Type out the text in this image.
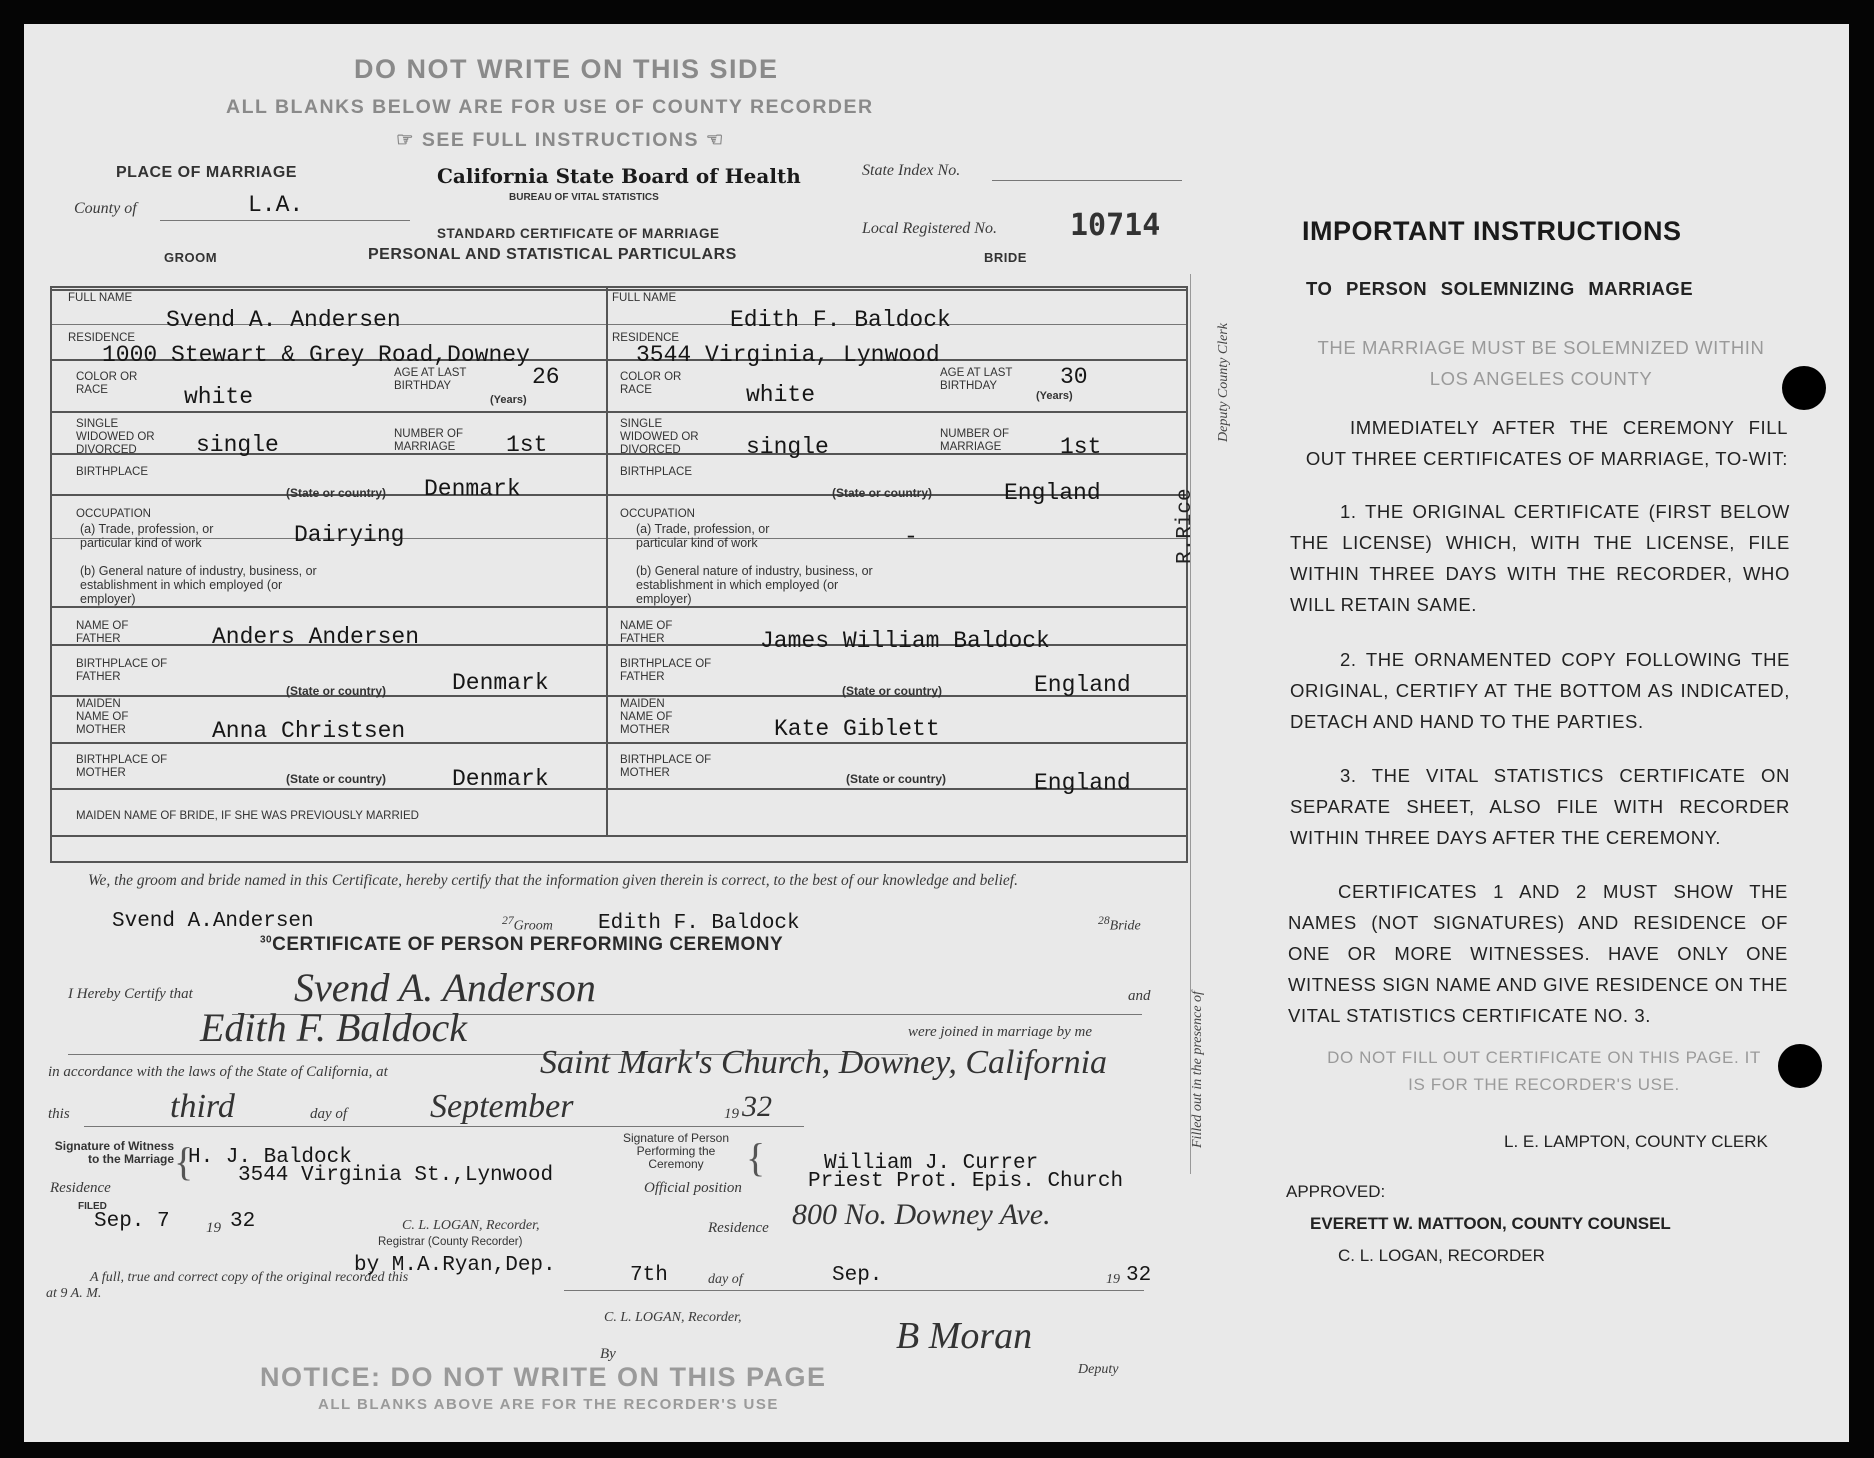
DO NOT WRITE ON THIS SIDE
ALL BLANKS BELOW ARE FOR USE OF COUNTY RECORDER
☞ SEE FULL INSTRUCTIONS ☜
PLACE OF MARRIAGE
County of	L.A.
California State Board of Health
BUREAU OF VITAL STATISTICS
State Index No.
STANDARD CERTIFICATE OF MARRIAGE	Local Registered No. 10714
GROOM	PERSONAL AND STATISTICAL PARTICULARS	BRIDE
FULL NAME
Svend A. Andersen
RESIDENCE
1000 Stewart & Grey Road,Downey
COLOR OR RACE	white
AGE AT LAST BIRTHDAY	26
(Years)
SINGLE WIDOWED OR DIVORCED	single	NUMBER OF MARRIAGE	1st
BIRTHPLACE
(State or country) Denmark
OCCUPATION
(a) Trade, profession, or particular kind of work	Dairying
(b) General nature of industry, business, or establishment in which employed (or employer)
NAME OF FATHER	Anders Andersen
BIRTHPLACE OF FATHER
(State or country)	Denmark
MAIDEN NAME OF MOTHER	Anna Christsen
BIRTHPLACE OF MOTHER	(State or country)	Denmark
FULL NAME
Edith F. Baldock
RESIDENCE
3544 Virginia, Lynwood
COLOR OR RACE	white
AGE AT LAST BIRTHDAY	30
(Years)
SINGLE WIDOWED OR DIVORCED	single	NUMBER OF MARRIAGE	1st
BIRTHPLACE
(State or country)	England
OCCUPATION
(a) Trade, profession, or particular kind of work	-
(b) General nature of industry, business, or establishment in which employed (or employer)
NAME OF FATHER	James William Baldock
BIRTHPLACE OF FATHER
(State or country)	England
MAIDEN NAME OF MOTHER	Kate Giblett
BIRTHPLACE OF MOTHER	(State or country)	England
MAIDEN NAME OF BRIDE, IF SHE WAS PREVIOUSLY MARRIED
Deputy County Clerk
R.Rice
Filled out in the presence of
We, the groom and bride named in this Certificate, hereby certify that the information given therein is correct, to the best of our knowledge and belief.
Svend A.Andersen	$^{27}$Groom Edith F. Baldock	$^{28}$Bride
$^{30}$CERTIFICATE OF PERSON PERFORMING CEREMONY
I Hereby Certify that	Svend A. Anderson	and
Edith F. Baldock	were joined in marriage by me
in accordance with the laws of the State of California, at	Saint Mark's Church, Downey, California
this	third	day of September	19 32
Signature of Witness to the Marriage {
H. J. Baldock
Signature of Person Performing the Ceremony	{	William J. Currer
Residence
3544 Virginia St.,Lynwood
Official position	Priest Prot. Epis. Church
FILED
Sep. 7 19 32	C. L. LOGAN, Recorder,
Registrar (County Recorder)
Residence 800 No. Downey Ave.
A full, true and correct copy of the original recorded this
at 9 A. M.
by M.A.Ryan,Dep.	7th	day of	Sep.	19 32
C. L. LOGAN, Recorder,
By	B Moran
Deputy
NOTICE: DO NOT WRITE ON THIS PAGE
ALL BLANKS ABOVE ARE FOR THE RECORDER'S USE
IMPORTANT INSTRUCTIONS
TO PERSON SOLEMNIZING MARRIAGE
THE MARRIAGE MUST BE SOLEMNIZED WITHIN LOS ANGELES COUNTY
IMMEDIATELY AFTER THE CEREMONY FILL OUT THREE CERTIFICATES OF MARRIAGE, TO-WIT:
1. THE ORIGINAL CERTIFICATE (FIRST BELOW THE LICENSE) WHICH, WITH THE LICENSE, FILE WITHIN THREE DAYS WITH THE RECORDER, WHO WILL RETAIN SAME.
2. THE ORNAMENTED COPY FOLLOWING THE ORIGINAL, CERTIFY AT THE BOTTOM AS INDICATED, DETACH AND HAND TO THE PARTIES.
3. THE VITAL STATISTICS CERTIFICATE ON SEPARATE SHEET, ALSO FILE WITH RECORDER WITHIN THREE DAYS AFTER THE CEREMONY.
CERTIFICATES 1 AND 2 MUST SHOW THE NAMES (NOT SIGNATURES) AND RESIDENCE OF ONE OR MORE WITNESSES. HAVE ONLY ONE WITNESS SIGN NAME AND GIVE RESIDENCE ON THE VITAL STATISTICS CERTIFICATE NO. 3.
DO NOT FILL OUT CERTIFICATE ON THIS PAGE. IT IS FOR THE RECORDER'S USE.
L. E. LAMPTON, COUNTY CLERK
APPROVED:
EVERETT W. MATTOON, COUNTY COUNSEL
C. L. LOGAN, RECORDER
